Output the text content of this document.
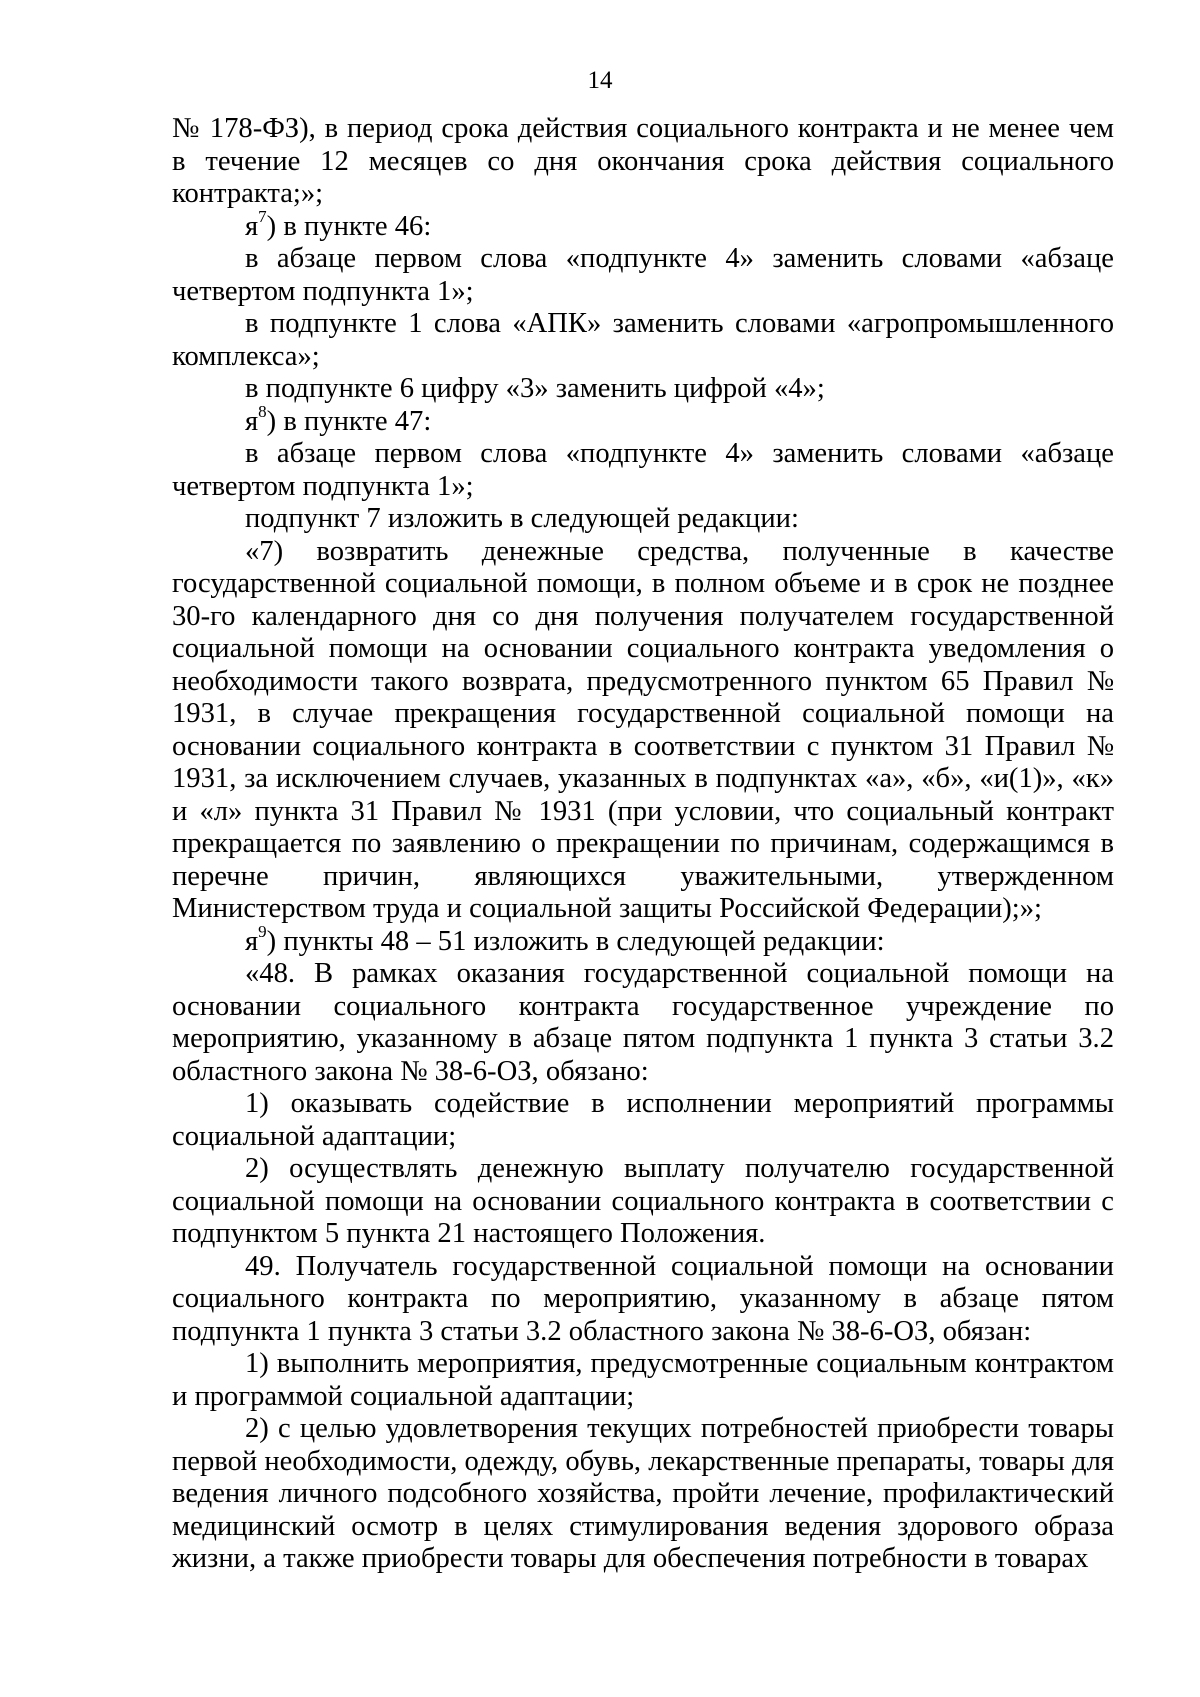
14

№ 178-ФЗ), в период срока действия социального контракта и не менее чем в течение 12 месяцев со дня окончания срока действия социального контракта;»;

$я^7$) в пункте 46:

в абзаце первом слова «подпункте 4» заменить словами «абзаце четвертом подпункта 1»;

в подпункте 1 слова «АПК» заменить словами «агропромышленного комплекса»;

в подпункте 6 цифру «3» заменить цифрой «4»;

$я^8$) в пункте 47:

в абзаце первом слова «подпункте 4» заменить словами «абзаце четвертом подпункта 1»;

подпункт 7 изложить в следующей редакции:

«7) возвратить денежные средства, полученные в качестве государственной социальной помощи, в полном объеме и в срок не позднее 30-го календарного дня со дня получения получателем государственной социальной помощи на основании социального контракта уведомления о необходимости такого возврата, предусмотренного пунктом 65 Правил № 1931, в случае прекращения государственной социальной помощи на основании социального контракта в соответствии с пунктом 31 Правил № 1931, за исключением случаев, указанных в подпунктах «а», «б», «и(1)», «к» и «л» пункта 31 Правил № 1931 (при условии, что социальный контракт прекращается по заявлению о прекращении по причинам, содержащимся в перечне причин, являющихся уважительными, утвержденном Министерством труда и социальной защиты Российской Федерации);»;

$я^9$) пункты 48 – 51 изложить в следующей редакции:

«48. В рамках оказания государственной социальной помощи на основании социального контракта государственное учреждение по мероприятию, указанному в абзаце пятом подпункта 1 пункта 3 статьи 3.2 областного закона № 38-6-ОЗ, обязано:

1) оказывать содействие в исполнении мероприятий программы социальной адаптации;

2) осуществлять денежную выплату получателю государственной социальной помощи на основании социального контракта в соответствии с подпунктом 5 пункта 21 настоящего Положения.

49. Получатель государственной социальной помощи на основании социального контракта по мероприятию, указанному в абзаце пятом подпункта 1 пункта 3 статьи 3.2 областного закона № 38-6-ОЗ, обязан:

1) выполнить мероприятия, предусмотренные социальным контрактом и программой социальной адаптации;

2) с целью удовлетворения текущих потребностей приобрести товары первой необходимости, одежду, обувь, лекарственные препараты, товары для ведения личного подсобного хозяйства, пройти лечение, профилактический медицинский осмотр в целях стимулирования ведения здорового образа жизни, а также приобрести товары для обеспечения потребности в товарах
